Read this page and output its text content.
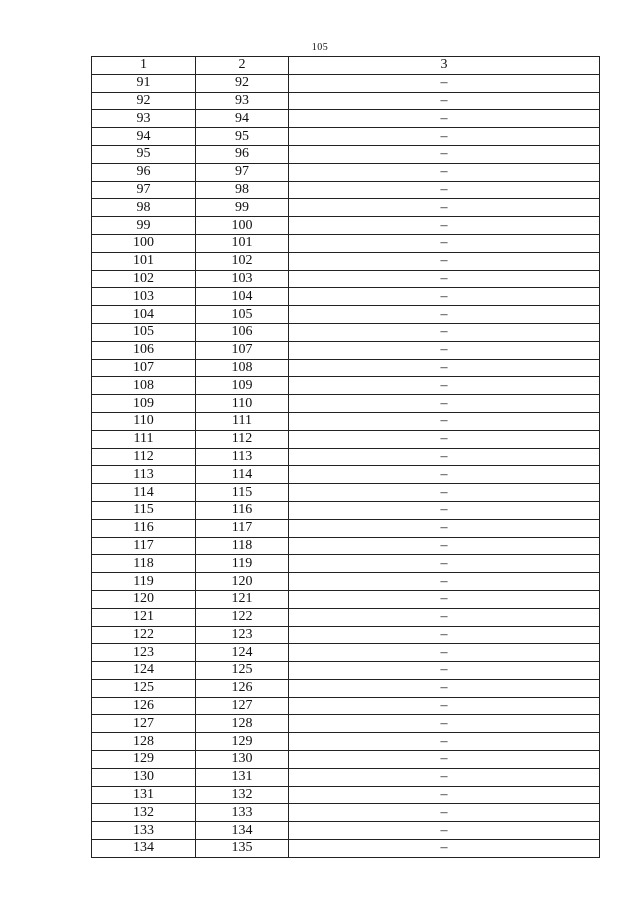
105
1	2	3
91	92	–
92	93	–
93	94	–
94	95	–
95	96	–
96	97	–
97	98	–
98	99	–
99	100	–
100	101	–
101	102	–
102	103	–
103	104	–
104	105	–
105	106	–
106	107	–
107	108	–
108	109	–
109	110	–
110	111	–
111	112	–
112	113	–
113	114	–
114	115	–
115	116	–
116	117	–
117	118	–
118	119	–
119	120	–
120	121	–
121	122	–
122	123	–
123	124	–
124	125	–
125	126	–
126	127	–
127	128	–
128	129	–
129	130	–
130	131	–
131	132	–
132	133	–
133	134	–
134	135	–
